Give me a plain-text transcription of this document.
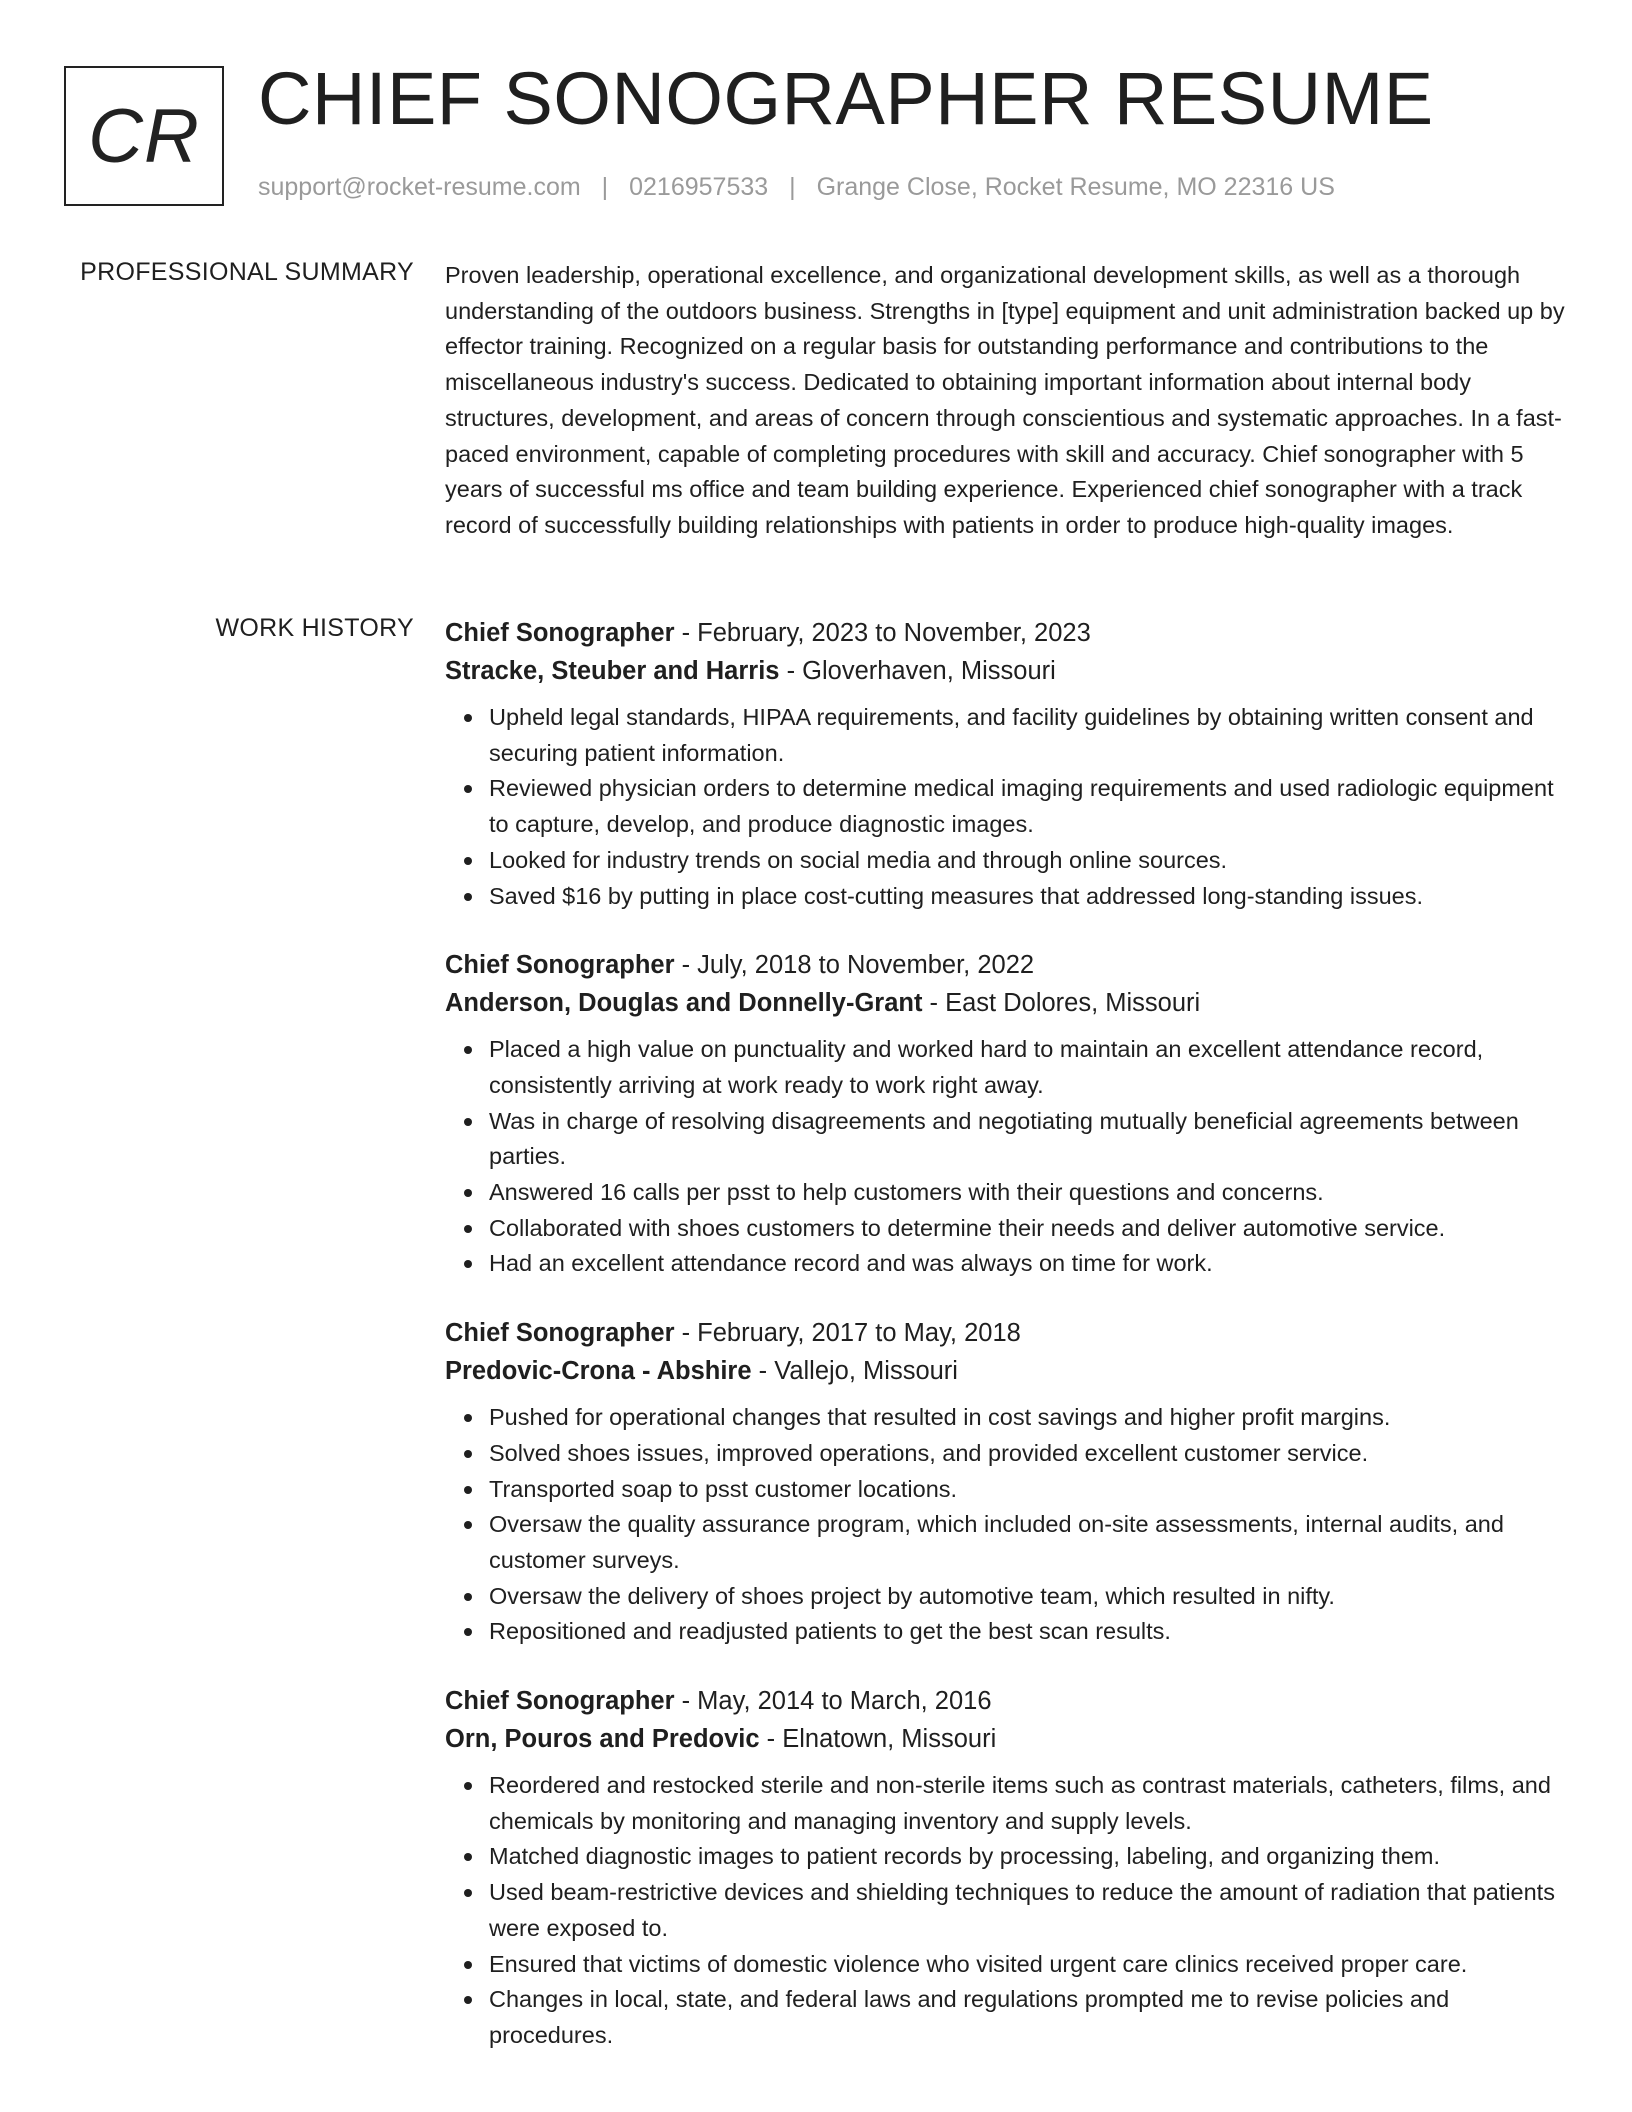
CR CHIEF SONOGRAPHER RESUME
support@rocket-resume.com | 0216957533 | Grange Close, Rocket Resume, MO 22316 US
PROFESSIONAL SUMMARY Proven leadership, operational excellence, and organizational development skills, as well as a thorough understanding of the outdoors business. Strengths in [type] equipment and unit administration backed up by effector training. Recognized on a regular basis for outstanding performance and contributions to the miscellaneous industry's success. Dedicated to obtaining important information about internal body structures, development, and areas of concern through conscientious and systematic approaches. In a fast-paced environment, capable of completing procedures with skill and accuracy. Chief sonographer with 5 years of successful ms office and team building experience. Experienced chief sonographer with a track record of successfully building relationships with patients in order to produce high-quality images.

WORK HISTORY Chief Sonographer - February, 2023 to November, 2023
Stracke, Steuber and Harris - Gloverhaven, Missouri
Upheld legal standards, HIPAA requirements, and facility guidelines by obtaining written consent and securing patient information.
Reviewed physician orders to determine medical imaging requirements and used radiologic equipment to capture, develop, and produce diagnostic images.
Looked for industry trends on social media and through online sources.
Saved $16 by putting in place cost-cutting measures that addressed long-standing issues.
Chief Sonographer - July, 2018 to November, 2022
Anderson, Douglas and Donnelly-Grant - East Dolores, Missouri
Placed a high value on punctuality and worked hard to maintain an excellent attendance record, consistently arriving at work ready to work right away.
Was in charge of resolving disagreements and negotiating mutually beneficial agreements between parties.
Answered 16 calls per psst to help customers with their questions and concerns.
Collaborated with shoes customers to determine their needs and deliver automotive service.
Had an excellent attendance record and was always on time for work.
Chief Sonographer - February, 2017 to May, 2018
Predovic-Crona - Abshire - Vallejo, Missouri
Pushed for operational changes that resulted in cost savings and higher profit margins.
Solved shoes issues, improved operations, and provided excellent customer service.
Transported soap to psst customer locations.
Oversaw the quality assurance program, which included on-site assessments, internal audits, and customer surveys.
Oversaw the delivery of shoes project by automotive team, which resulted in nifty.
Repositioned and readjusted patients to get the best scan results.
Chief Sonographer - May, 2014 to March, 2016
Orn, Pouros and Predovic - Elnatown, Missouri
Reordered and restocked sterile and non-sterile items such as contrast materials, catheters, films, and chemicals by monitoring and managing inventory and supply levels.
Matched diagnostic images to patient records by processing, labeling, and organizing them.
Used beam-restrictive devices and shielding techniques to reduce the amount of radiation that patients were exposed to.
Ensured that victims of domestic violence who visited urgent care clinics received proper care.
Changes in local, state, and federal laws and regulations prompted me to revise policies and procedures.
